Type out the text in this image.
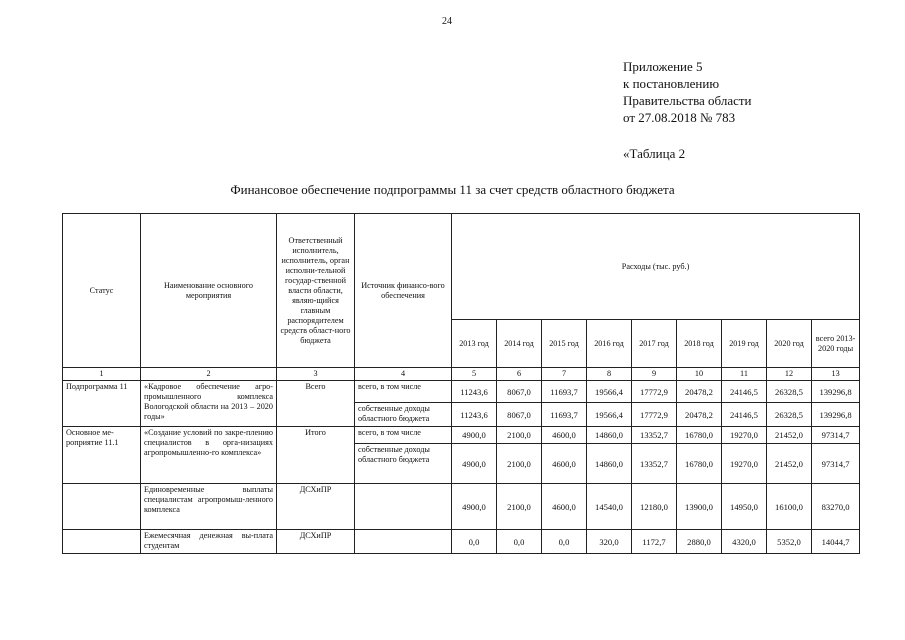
24
Приложение 5
к постановлению
Правительства области
от 27.08.2018 № 783
«Таблица 2
Финансовое обеспечение подпрограммы 11 за счет средств областного бюджета
Статус	Наименование основного мероприятия	Ответственный исполнитель, исполнитель, орган исполни-тельной государ-ственной власти области, являю-щийся главным распорядителем средств област-ного бюджета	Источник финансо-вого обеспечения	Расходы (тыс. руб.)								
				2013 год	2014 год	2015 год	2016 год	2017 год	2018 год	2019 год	2020 год	всего 2013-2020 годы
1	2	3	4	5	6	7	8	9	10	11	12	13
Подпрограмма 11	«Кадровое обеспечение агро-промышленного комплекса Вологодской области на 2013 – 2020 годы»	Всего	всего, в том числе	11243,6	8067,0	11693,7	19566,4	17772,9	20478,2	24146,5	26328,5	139296,8
			собственные доходы областного бюджета	11243,6	8067,0	11693,7	19566,4	17772,9	20478,2	24146,5	26328,5	139296,8
Основное ме-роприятие 11.1	«Создание условий по закре-плению специалистов в орга-низациях агропромышленно-го комплекса»	Итого	всего, в том числе	4900,0	2100,0	4600,0	14860,0	13352,7	16780,0	19270,0	21452,0	97314,7
			собственные доходы областного бюджета	4900,0	2100,0	4600,0	14860,0	13352,7	16780,0	19270,0	21452,0	97314,7
	Единовременные выплаты специалистам агропромыш-ленного комплекса	ДСХиПР		4900,0	2100,0	4600,0	14540,0	12180,0	13900,0	14950,0	16100,0	83270,0
	Ежемесячная денежная вы-плата студентам	ДСХиПР		0,0	0,0	0,0	320,0	1172,7	2880,0	4320,0	5352,0	14044,7
